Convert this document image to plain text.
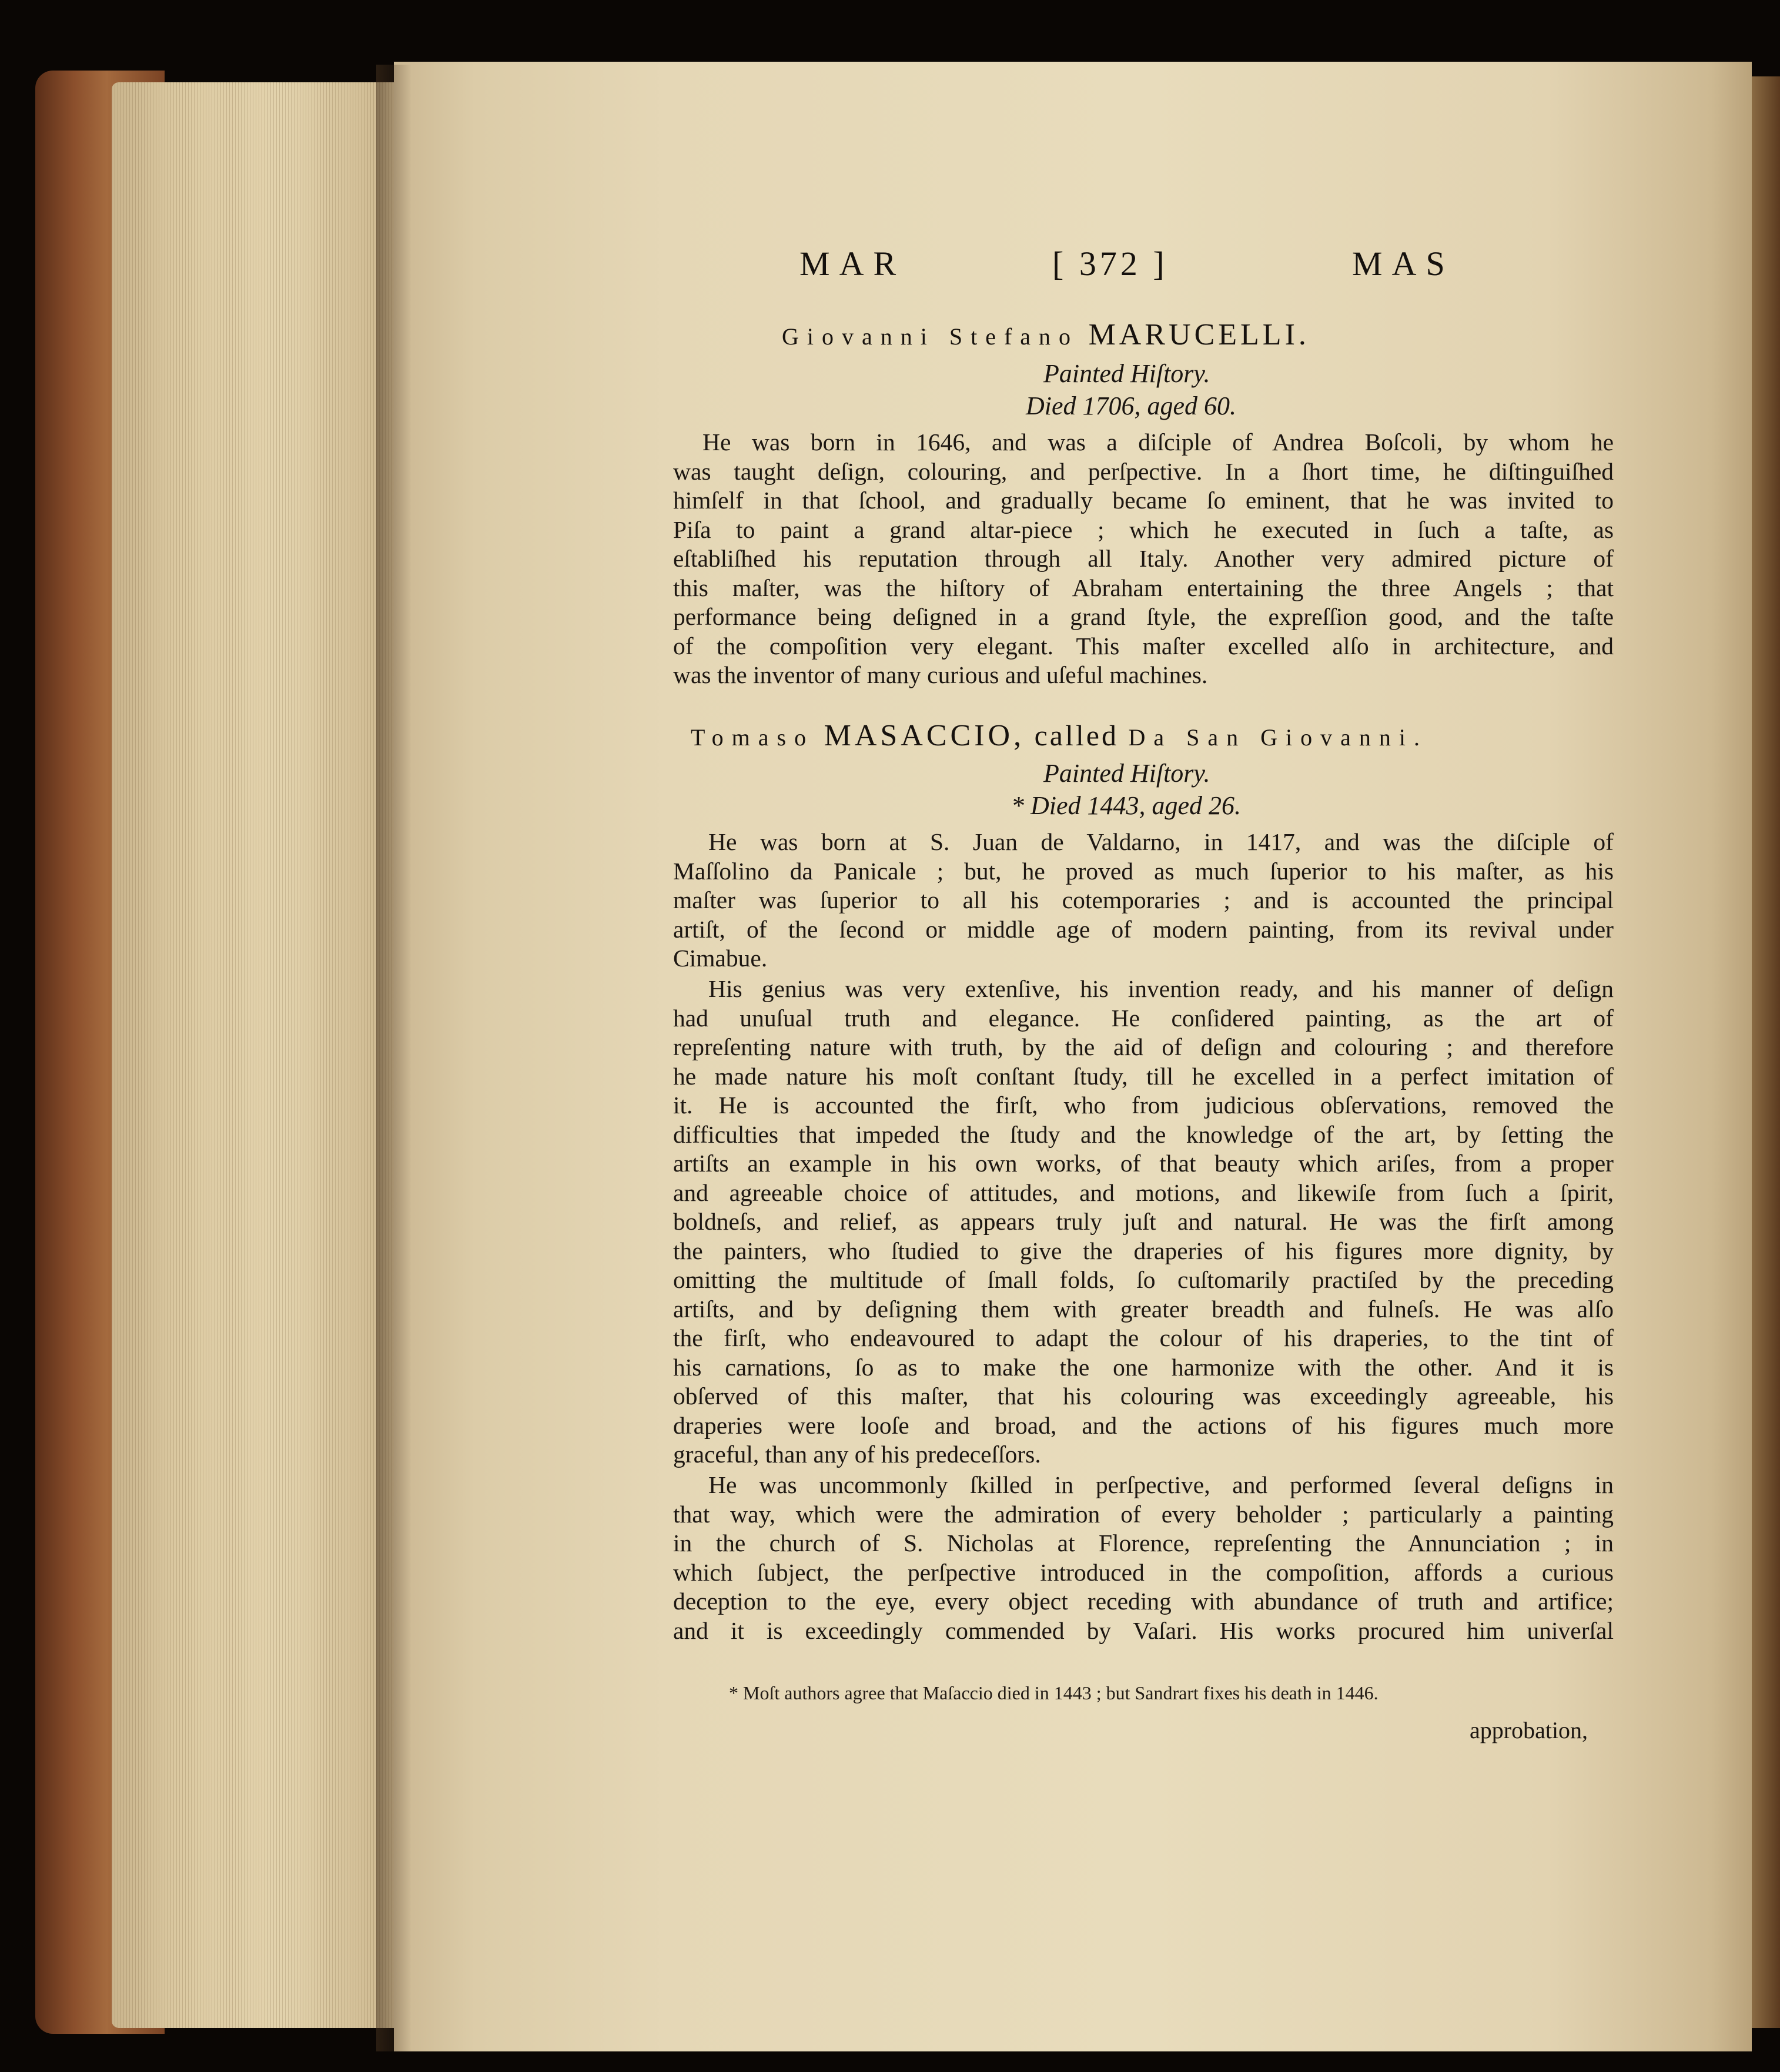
MAR	[ 372 ]	MAS
Giovanni Stefano MARUCELLI.
Painted Hiſtory.
Died 1706, aged 60.
He was born in 1646, and was a diſciple of Andrea Boſcoli, by whom he
was taught deſign, colouring, and perſpective. In a ſhort time, he diſtinguiſhed
himſelf in that ſchool, and gradually became ſo eminent, that he was invited to
Piſa to paint a grand altar-piece ; which he executed in ſuch a taſte, as
eſtabliſhed his reputation through all Italy. Another very admired picture of
this maſter, was the hiſtory of Abraham entertaining the three Angels ; that
performance being deſigned in a grand ſtyle, the expreſſion good, and the taſte
of the compoſition very elegant. This maſter excelled alſo in architecture, and
was the inventor of many curious and uſeful machines.
Tomaso MASACCIO, called Da San Giovanni.
Painted Hiſtory.
* Died 1443, aged 26.
He was born at S. Juan de Valdarno, in 1417, and was the diſciple of
Maſſolino da Panicale ; but, he proved as much ſuperior to his maſter, as his
maſter was ſuperior to all his cotemporaries ; and is accounted the principal
artiſt, of the ſecond or middle age of modern painting, from its revival under
Cimabue.
His genius was very extenſive, his invention ready, and his manner of deſign
had unuſual truth and elegance. He conſidered painting, as the art of
repreſenting nature with truth, by the aid of deſign and colouring ; and therefore
he made nature his moſt conſtant ſtudy, till he excelled in a perfect imitation of
it. He is accounted the firſt, who from judicious obſervations, removed the
difficulties that impeded the ſtudy and the knowledge of the art, by ſetting the
artiſts an example in his own works, of that beauty which ariſes, from a proper
and agreeable choice of attitudes, and motions, and likewiſe from ſuch a ſpirit,
boldneſs, and relief, as appears truly juſt and natural. He was the firſt among
the painters, who ſtudied to give the draperies of his figures more dignity, by
omitting the multitude of ſmall folds, ſo cuſtomarily practiſed by the preceding
artiſts, and by deſigning them with greater breadth and fulneſs. He was alſo
the firſt, who endeavoured to adapt the colour of his draperies, to the tint of
his carnations, ſo as to make the one harmonize with the other. And it is
obſerved of this maſter, that his colouring was exceedingly agreeable, his
draperies were looſe and broad, and the actions of his figures much more
graceful, than any of his predeceſſors.
He was uncommonly ſkilled in perſpective, and performed ſeveral deſigns in
that way, which were the admiration of every beholder ; particularly a painting
in the church of S. Nicholas at Florence, repreſenting the Annunciation ; in
which ſubject, the perſpective introduced in the compoſition, affords a curious
deception to the eye, every object receding with abundance of truth and artifice;
and it is exceedingly commended by Vaſari. His works procured him univerſal
* Moſt authors agree that Maſaccio died in 1443 ; but Sandrart fixes his death in 1446.
approbation,
